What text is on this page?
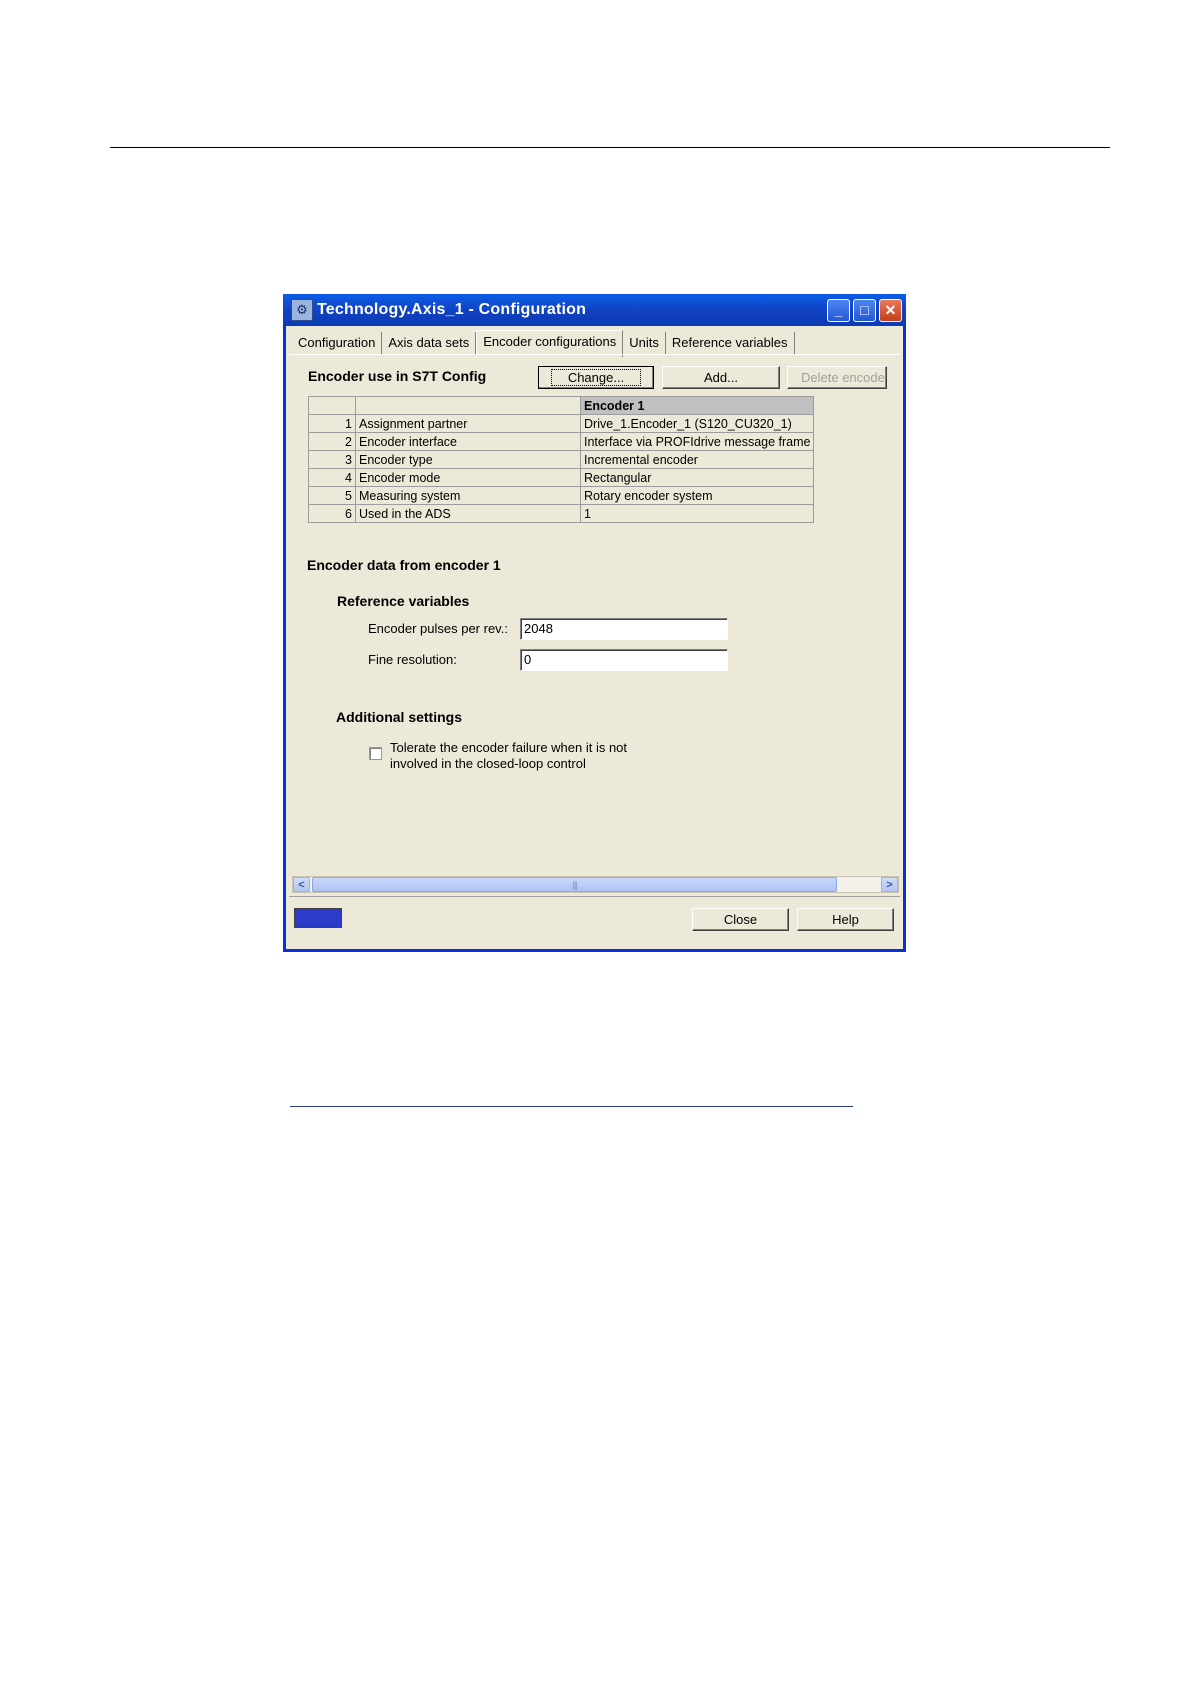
⚙ Technology.Axis_1 - Configuration	_	□	✕
Configuration	Axis data sets	Encoder configurations	Units	Reference variables
Encoder use in S7T Config	Change...	Add...	Delete encode
		Encoder 1
1	Assignment partner	Drive_1.Encoder_1 (S120_CU320_1)
2	Encoder interface	Interface via PROFIdrive message frame
3	Encoder type	Incremental encoder
4	Encoder mode	Rectangular
5	Measuring system	Rotary encoder system
6	Used in the ADS	1
Encoder data from encoder 1
Reference variables
Encoder pulses per rev.:	2048
Fine resolution:	0
Additional settings
Tolerate the encoder failure when it is not involved in the closed-loop control
<	|||	>
Close	Help
